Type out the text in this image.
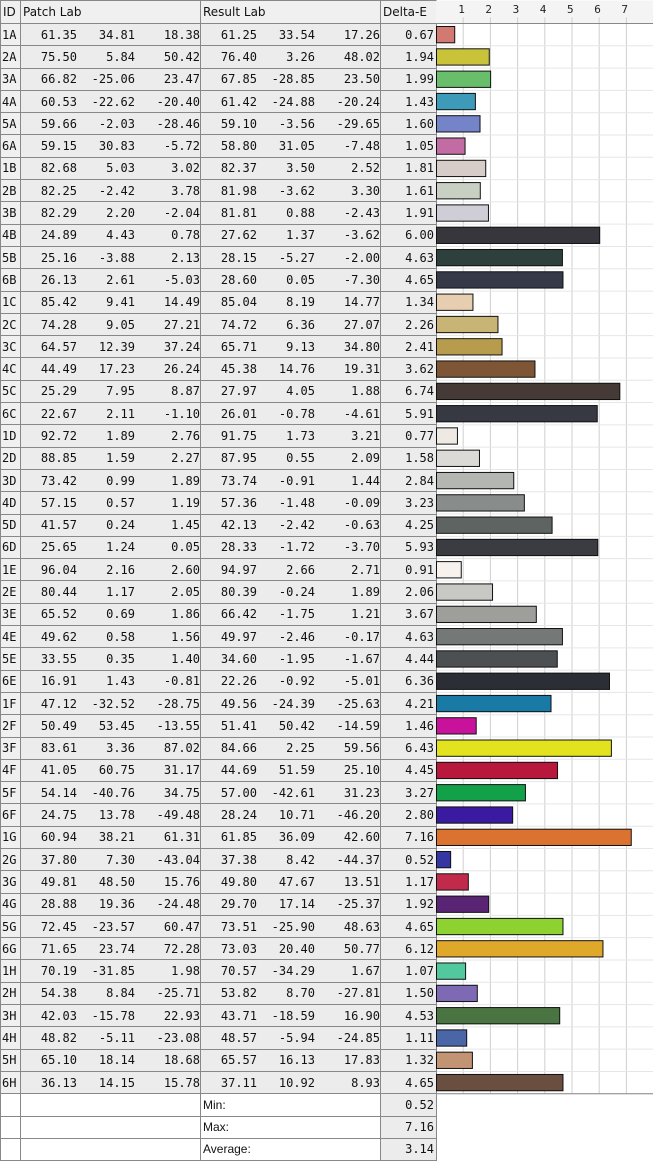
ID	Patch Lab	Result Lab	Delta-E
1A	61.35 34.81 18.38	61.25 33.54 17.26	0.67
2A	75.50 5.84 50.42	76.40 3.26 48.02	1.94
3A	66.82 -25.06 23.47	67.85 -28.85 23.50	1.99
4A	60.53 -22.62 -20.40	61.42 -24.88 -20.24	1.43
5A	59.66 -2.03 -28.46	59.10 -3.56 -29.65	1.60
6A	59.15 30.83 -5.72	58.80 31.05 -7.48	1.05
1B	82.68 5.03 3.02	82.37 3.50 2.52	1.81
2B	82.25 -2.42 3.78	81.98 -3.62 3.30	1.61
3B	82.29 2.20 -2.04	81.81 0.88 -2.43	1.91
4B	24.89 4.43 0.78	27.62 1.37 -3.62	6.00
5B	25.16 -3.88 2.13	28.15 -5.27 -2.00	4.63
6B	26.13 2.61 -5.03	28.60 0.05 -7.30	4.65
1C	85.42 9.41 14.49	85.04 8.19 14.77	1.34
2C	74.28 9.05 27.21	74.72 6.36 27.07	2.26
3C	64.57 12.39 37.24	65.71 9.13 34.80	2.41
4C	44.49 17.23 26.24	45.38 14.76 19.31	3.62
5C	25.29 7.95 8.87	27.97 4.05 1.88	6.74
6C	22.67 2.11 -1.10	26.01 -0.78 -4.61	5.91
1D	92.72 1.89 2.76	91.75 1.73 3.21	0.77
2D	88.85 1.59 2.27	87.95 0.55 2.09	1.58
3D	73.42 0.99 1.89	73.74 -0.91 1.44	2.84
4D	57.15 0.57 1.19	57.36 -1.48 -0.09	3.23
5D	41.57 0.24 1.45	42.13 -2.42 -0.63	4.25
6D	25.65 1.24 0.05	28.33 -1.72 -3.70	5.93
1E	96.04 2.16 2.60	94.97 2.66 2.71	0.91
2E	80.44 1.17 2.05	80.39 -0.24 1.89	2.06
3E	65.52 0.69 1.86	66.42 -1.75 1.21	3.67
4E	49.62 0.58 1.56	49.97 -2.46 -0.17	4.63
5E	33.55 0.35 1.40	34.60 -1.95 -1.67	4.44
6E	16.91 1.43 -0.81	22.26 -0.92 -5.01	6.36
1F	47.12 -32.52 -28.75	49.56 -24.39 -25.63	4.21
2F	50.49 53.45 -13.55	51.41 50.42 -14.59	1.46
3F	83.61 3.36 87.02	84.66 2.25 59.56	6.43
4F	41.05 60.75 31.17	44.69 51.59 25.10	4.45
5F	54.14 -40.76 34.75	57.00 -42.61 31.23	3.27
6F	24.75 13.78 -49.48	28.24 10.71 -46.20	2.80
1G	60.94 38.21 61.31	61.85 36.09 42.60	7.16
2G	37.80 7.30 -43.04	37.38 8.42 -44.37	0.52
3G	49.81 48.50 15.76	49.80 47.67 13.51	1.17
4G	28.88 19.36 -24.48	29.70 17.14 -25.37	1.92
5G	72.45 -23.57 60.47	73.51 -25.90 48.63	4.65
6G	71.65 23.74 72.28	73.03 20.40 50.77	6.12
1H	70.19 -31.85 1.98	70.57 -34.29 1.67	1.07
2H	54.38 8.84 -25.71	53.82 8.70 -27.81	1.50
3H	42.03 -15.78 22.93	43.71 -18.59 16.90	4.53
4H	48.82 -5.11 -23.08	48.57 -5.94 -24.85	1.11
5H	65.10 18.14 18.68	65.57 16.13 17.83	1.32
6H	36.13 14.15 15.78	37.11 10.92 8.93	4.65
		Min:	0.52
		Max:	7.16
		Average:	3.14
1 2 3 4 5 6 7
